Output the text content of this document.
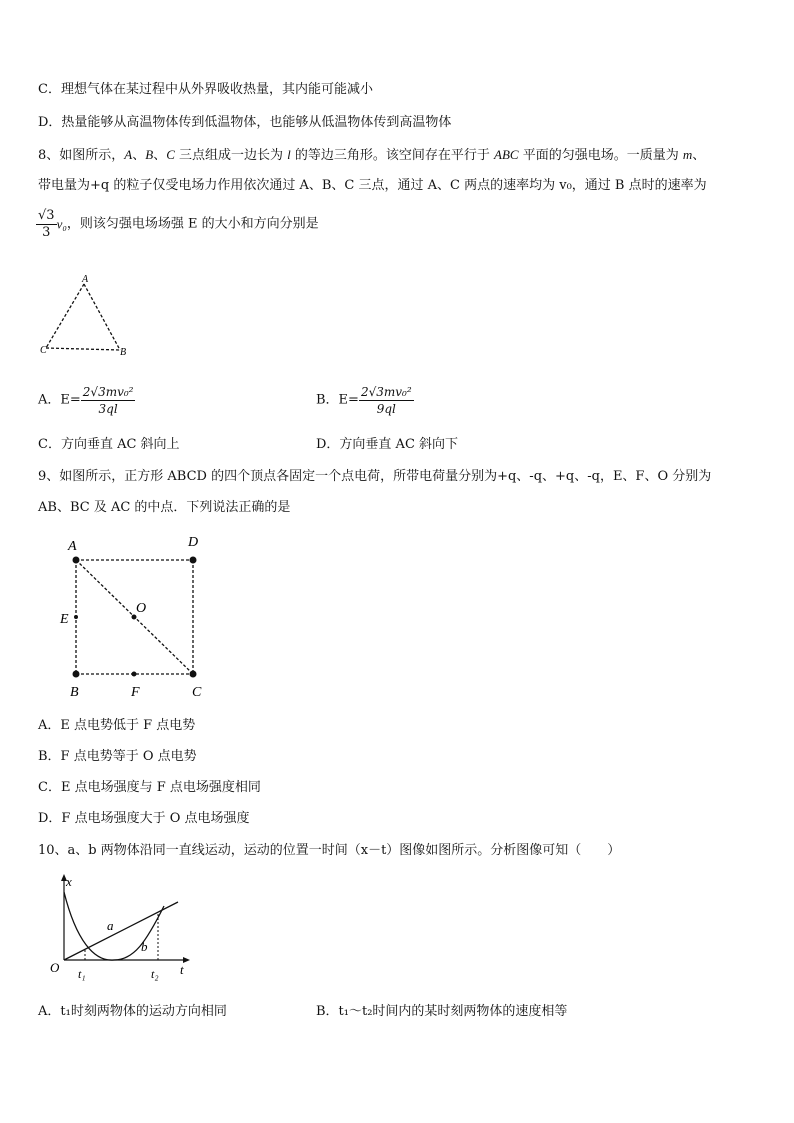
C．理想气体在某过程中从外界吸收热量，其内能可能减小
D．热量能够从高温物体传到低温物体，也能够从低温物体传到高温物体
8、如图所示，A、B、C 三点组成一边长为 l 的等边三角形。该空间存在平行于 ABC 平面的匀强电场。一质量为 m、
带电量为+q 的粒子仅受电场力作用依次通过 A、B、C 三点，通过 A、C 两点的速率均为 v₀，通过 B 点时的速率为
$\frac{√3}{3} v_0$，则该匀强电场场强 E 的大小和方向分别是
A
C	B
A．$E= \frac{\text{2√3mv₀²}}{3ql}$	B．$E= \frac{\text{2√3mv₀²}}{9ql}$
C．方向垂直 AC 斜向上	D．方向垂直 AC 斜向下
9、如图所示，正方形 ABCD 的四个顶点各固定一个点电荷，所带电荷量分别为+q、-q、+q、-q，E、F、O 分别为
AB、BC 及 AC 的中点．下列说法正确的是
A	D
O
E
B	F	C
A．E 点电势低于 F 点电势
B．F 点电势等于 O 点电势
C．E 点电场强度与 F 点电场强度相同
D．F 点电场强度大于 O 点电场强度
10、a、b 两物体沿同一直线运动，运动的位置一时间（x－t）图像如图所示。分析图像可知（　　）
x
a
b
O t₁	t₂ t
A．t₁时刻两物体的运动方向相同	B．t₁～t₂时间内的某时刻两物体的速度相等
